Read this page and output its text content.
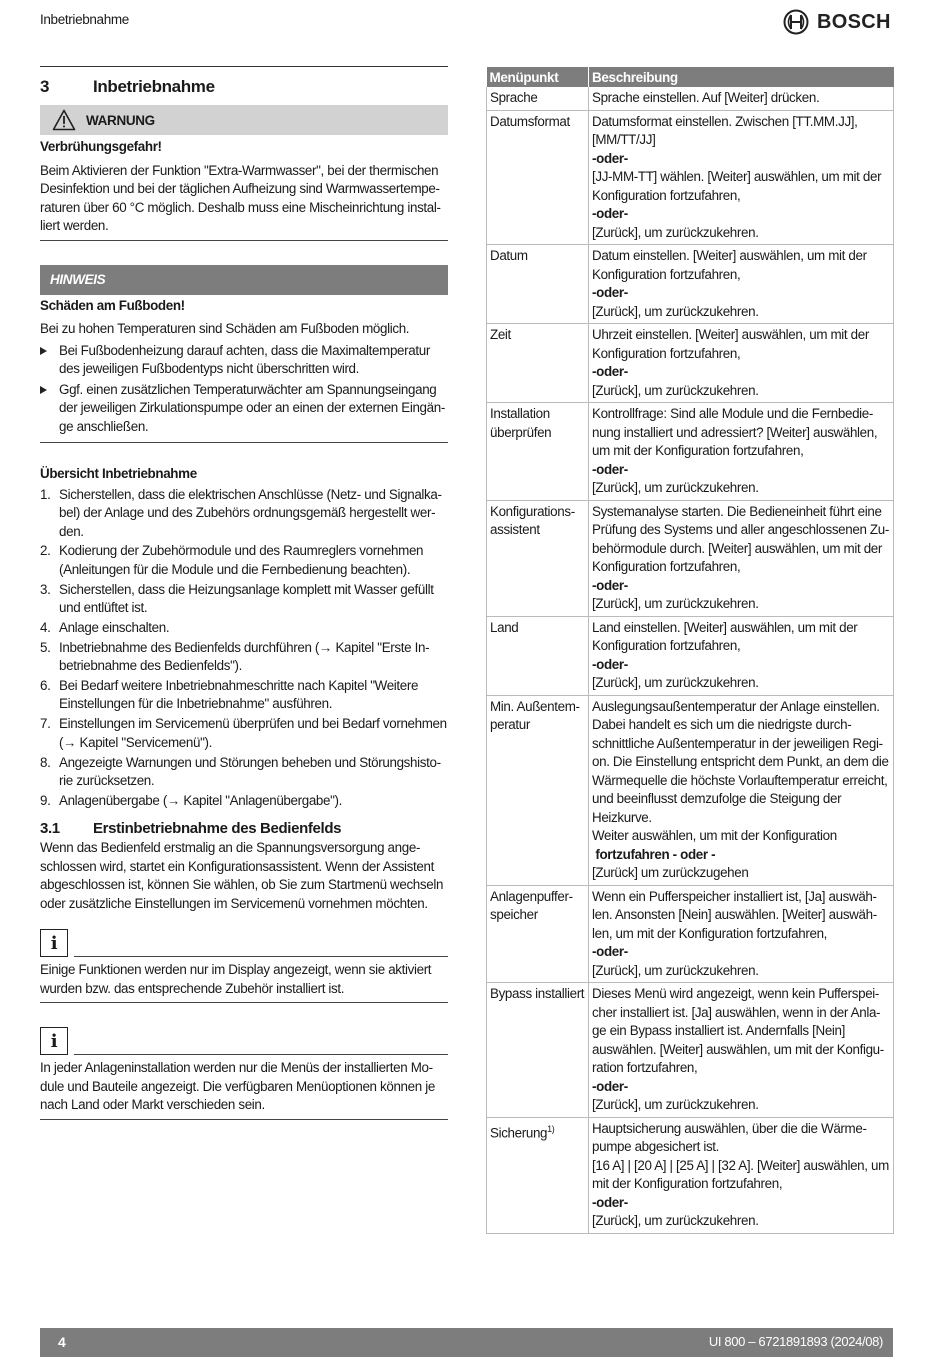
Inbetriebnahme	BOSCH
3	Inbetriebnahme
WARNUNG

Verbrühungsgefahr!

Beim Aktivieren der Funktion "Extra-Warmwasser", bei der thermischen Desinfektion und bei der täglichen Aufheizung sind Warmwassertemperaturen über 60 °C möglich. Deshalb muss eine Mischeinrichtung installiert werden.

HINWEIS

Schäden am Fußboden!

Bei zu hohen Temperaturen sind Schäden am Fußboden möglich.

Bei Fußbodenheizung darauf achten, dass die Maximaltemperatur des jeweiligen Fußbodentyps nicht überschritten wird.
Ggf. einen zusätzlichen Temperaturwächter am Spannungseingang der jeweiligen Zirkulationspumpe oder an einen der externen Eingänge anschließen.

Übersicht Inbetriebnahme

1. Sicherstellen, dass die elektrischen Anschlüsse (Netz- und Signalkabel) der Anlage und des Zubehörs ordnungsgemäß hergestellt werden.
2. Kodierung der Zubehörmodule und des Raumreglers vornehmen (Anleitungen für die Module und die Fernbedienung beachten).
3. Sicherstellen, dass die Heizungsanlage komplett mit Wasser gefüllt und entlüftet ist.
4. Anlage einschalten.
5. Inbetriebnahme des Bedienfelds durchführen (→ Kapitel "Erste Inbetriebnahme des Bedienfelds").
6. Bei Bedarf weitere Inbetriebnahmeschritte nach Kapitel "Weitere Einstellungen für die Inbetriebnahme" ausführen.
7. Einstellungen im Servicemenü überprüfen und bei Bedarf vornehmen (→ Kapitel "Servicemenü").
8. Angezeigte Warnungen und Störungen beheben und Störungshistorie zurücksetzen.
9. Anlagenübergabe (→ Kapitel "Anlagenübergabe").
3.1	Erstinbetriebnahme des Bedienfelds

Wenn das Bedienfeld erstmalig an die Spannungsversorgung angeschlossen wird, startet ein Konfigurationsassistent. Wenn der Assistent abgeschlossen ist, können Sie wählen, ob Sie zum Startmenü wechseln oder zusätzliche Einstellungen im Servicemenü vornehmen möchten.

i

Einige Funktionen werden nur im Display angezeigt, wenn sie aktiviert wurden bzw. das entsprechende Zubehör installiert ist.

i

In jeder Anlageninstallation werden nur die Menüs der installierten Module und Bauteile angezeigt. Die verfügbaren Menüoptionen können je nach Land oder Markt verschieden sein.

Menüpunkt	Beschreibung
Sprache	Sprache einstellen. Auf [Weiter] drücken.

Datumsformat	Datumsformat einstellen. Zwischen [TT.MM.JJ], [MM/TT/JJ]
-oder-
[JJ-MM-TT] wählen. [Weiter] auswählen, um mit der Konfiguration fortzufahren,
-oder-
[Zurück], um zurückzukehren.

Datum	Datum einstellen. [Weiter] auswählen, um mit der Konfiguration fortzufahren,
-oder-
[Zurück], um zurückzukehren.

Zeit	Uhrzeit einstellen. [Weiter] auswählen, um mit der Konfiguration fortzufahren,
-oder-
[Zurück], um zurückzukehren.

Installation überprüfen	Kontrollfrage: Sind alle Module und die Fernbedienung installiert und adressiert? [Weiter] auswählen, um mit der Konfiguration fortzufahren,
-oder-
[Zurück], um zurückzukehren.

Konfigurationsassistent	Systemanalyse starten. Die Bedieneinheit führt eine Prüfung des Systems und aller angeschlossenen Zubehörmodule durch. [Weiter] auswählen, um mit der Konfiguration fortzufahren,
-oder-
[Zurück], um zurückzukehren.

Land	Land einstellen. [Weiter] auswählen, um mit der Konfiguration fortzufahren,
-oder-
[Zurück], um zurückzukehren.

Min. Außentemperatur	Auslegungsaußentemperatur der Anlage einstellen. Dabei handelt es sich um die niedrigste durchschnittliche Außentemperatur in der jeweiligen Region. Die Einstellung entspricht dem Punkt, an dem die Wärmequelle die höchste Vorlauftemperatur erreicht, und beeinflusst demzufolge die Steigung der Heizkurve.
Weiter auswählen, um mit der Konfiguration
fortzufahren - oder -
[Zurück] um zurückzugehen

Anlagenpufferspeicher	Wenn ein Pufferspeicher installiert ist, [Ja] auswählen. Ansonsten [Nein] auswählen. [Weiter] auswählen, um mit der Konfiguration fortzufahren,
-oder-
[Zurück], um zurückzukehren.

Bypass installiert	Dieses Menü wird angezeigt, wenn kein Pufferspeicher installiert ist. [Ja] auswählen, wenn in der Anlage ein Bypass installiert ist. Andernfalls [Nein] auswählen. [Weiter] auswählen, um mit der Konfiguration fortzufahren,
-oder-
[Zurück], um zurückzukehren.

Sicherung$^{1)}$	Hauptsicherung auswählen, über die die Wärmepumpe abgesichert ist.
[16 A] | [20 A] | [25 A] | [32 A]. [Weiter] auswählen, um mit der Konfiguration fortzufahren,
-oder-
[Zurück], um zurückzukehren.
4	UI 800 – 6721891893 (2024/08)
